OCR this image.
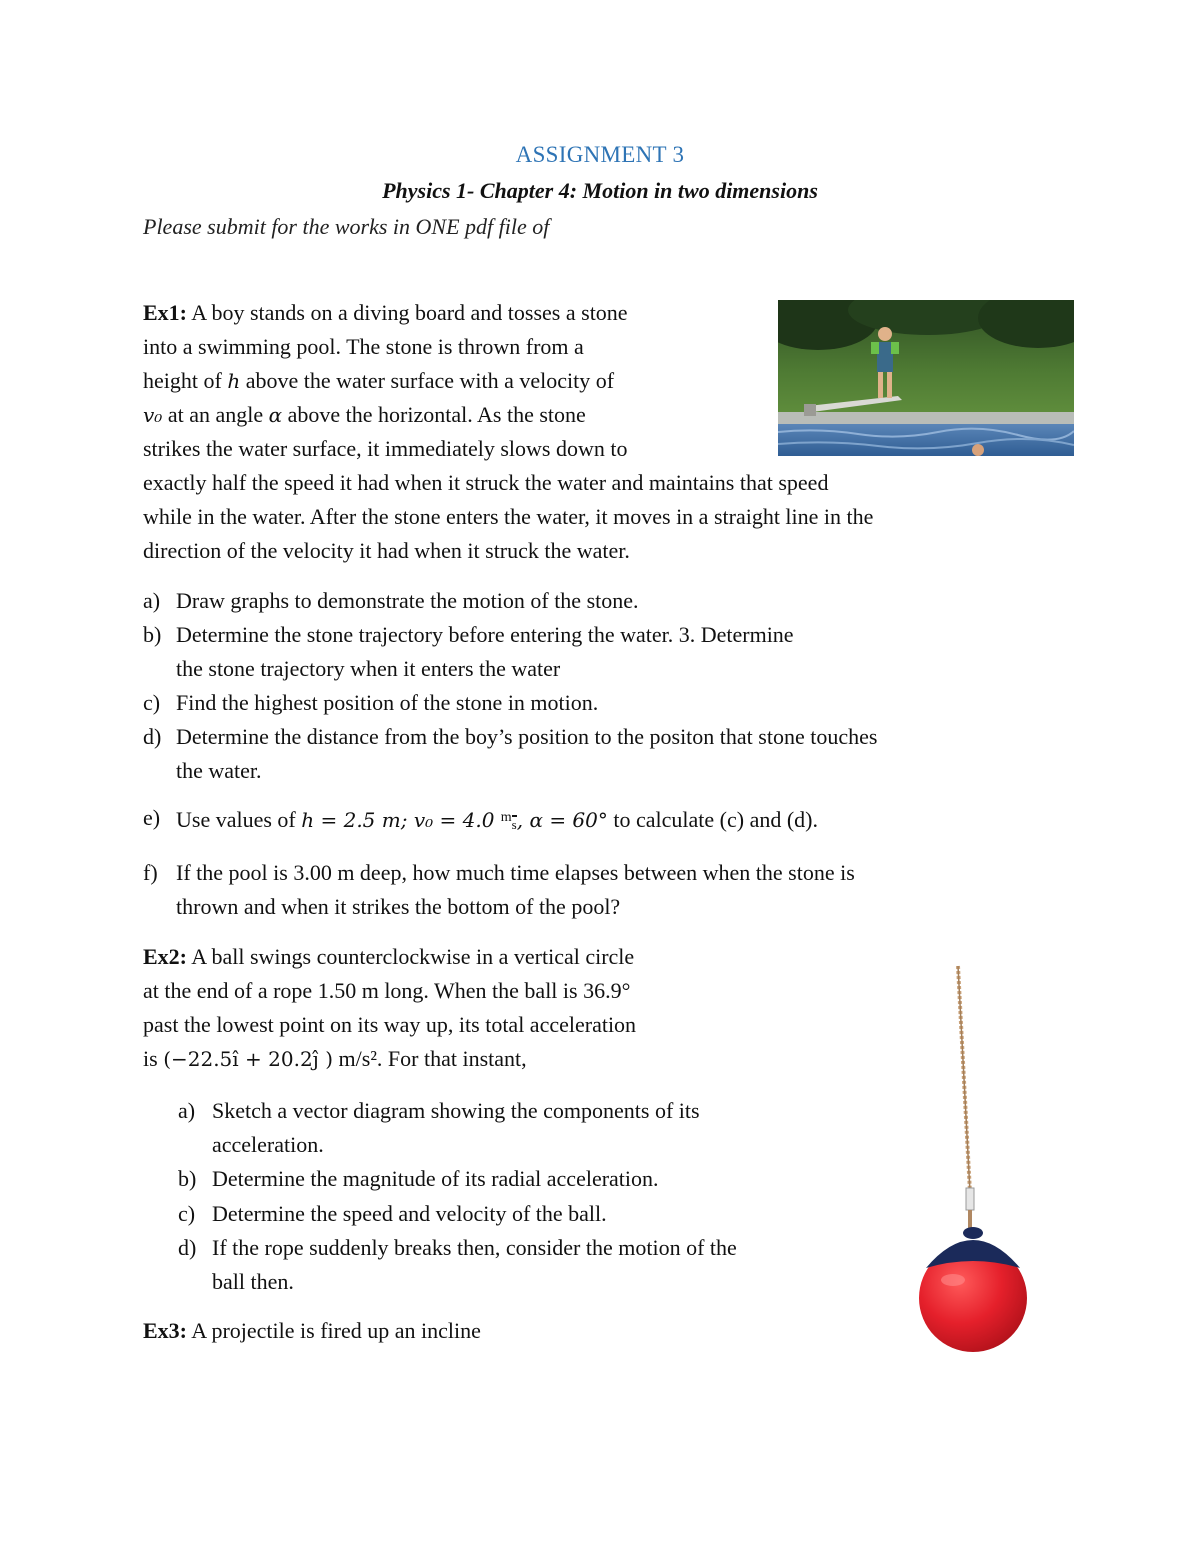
ASSIGNMENT 3
Physics 1- Chapter 4: Motion in two dimensions
Please submit for the works in ONE pdf file of
Ex1: A boy stands on a diving board and tosses a stone
into a swimming pool. The stone is thrown from a
height of h above the water surface with a velocity of
v₀ at an angle α above the horizontal. As the stone
strikes the water surface, it immediately slows down to
exactly half the speed it had when it struck the water and maintains that speed
while in the water. After the stone enters the water, it moves in a straight line in the
direction of the velocity it had when it struck the water.
a) Draw graphs to demonstrate the motion of the stone.
b) Determine the stone trajectory before entering the water. 3. Determine
the stone trajectory when it enters the water
c) Find the highest position of the stone in motion.
d) Determine the distance from the boy’s position to the positon that stone touches
the water.
e) Use values of h = 2.5 m; v₀ = 4.0 $^m$s, α = 60° to calculate (c) and (d).
f) If the pool is 3.00 m deep, how much time elapses between when the stone is
thrown and when it strikes the bottom of the pool?
Ex2: A ball swings counterclockwise in a vertical circle
at the end of a rope 1.50 m long. When the ball is 36.9°
past the lowest point on its way up, its total acceleration
is (−22.5î + 20.2ĵ ) m/s². For that instant,
a) Sketch a vector diagram showing the components of its
acceleration.
b) Determine the magnitude of its radial acceleration.
c) Determine the speed and velocity of the ball.
d) If the rope suddenly breaks then, consider the motion of the
ball then.
Ex3: A projectile is fired up an incline
